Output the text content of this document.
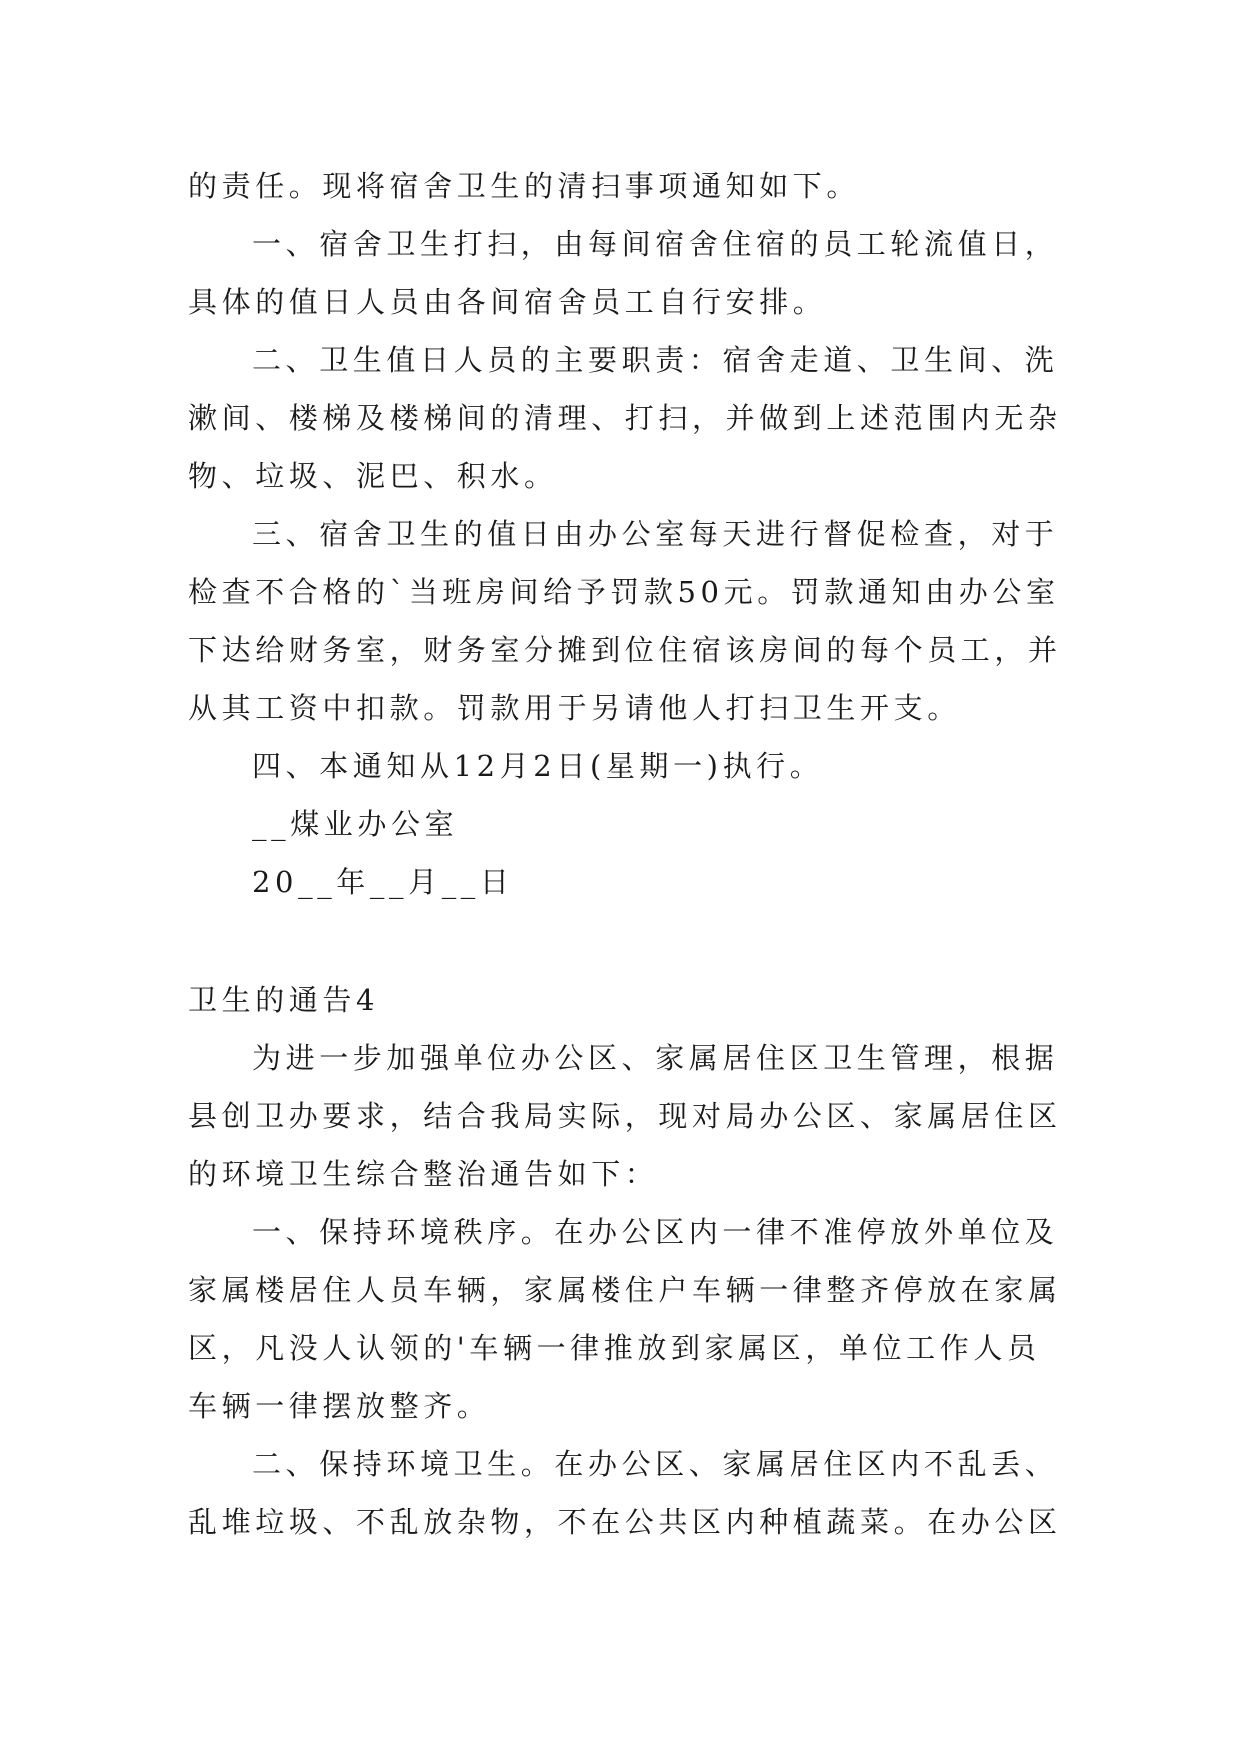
的责任。现将宿舍卫生的清扫事项通知如下。
一、宿舍卫生打扫，由每间宿舍住宿的员工轮流值日，
具体的值日人员由各间宿舍员工自行安排。
二、卫生值日人员的主要职责：宿舍走道、卫生间、洗
漱间、楼梯及楼梯间的清理、打扫，并做到上述范围内无杂
物、垃圾、泥巴、积水。
三、宿舍卫生的值日由办公室每天进行督促检查，对于
检查不合格的`当班房间给予罚款50元。罚款通知由办公室
下达给财务室，财务室分摊到位住宿该房间的每个员工，并
从其工资中扣款。罚款用于另请他人打扫卫生开支。
四、本通知从12月2日(星期一)执行。
__煤业办公室
20__年__月__日
卫生的通告4
为进一步加强单位办公区、家属居住区卫生管理，根据
县创卫办要求，结合我局实际，现对局办公区、家属居住区
的环境卫生综合整治通告如下：
一、保持环境秩序。在办公区内一律不准停放外单位及
家属楼居住人员车辆，家属楼住户车辆一律整齐停放在家属
区，凡没人认领的'车辆一律推放到家属区，单位工作人员
车辆一律摆放整齐。
二、保持环境卫生。在办公区、家属居住区内不乱丢、
乱堆垃圾、不乱放杂物，不在公共区内种植蔬菜。在办公区
